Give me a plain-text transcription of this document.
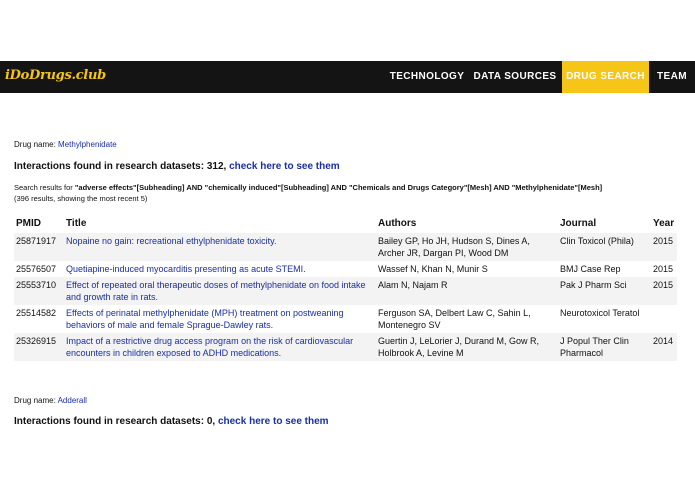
iDoDrugs.club	TECHNOLOGY DATA SOURCES DRUG SEARCH	TEAM
Drug name: Methylphenidate
Interactions found in research datasets: 312, check here to see them
Search results for "adverse effects"[Subheading] AND "chemically induced"[Subheading] AND "Chemicals and Drugs Category"[Mesh] AND "Methylphenidate"[Mesh]
(396 results, showing the most recent 5)
PMID	Title	Authors	Journal	Year
25871917	Nopaine no gain: recreational ethylphenidate toxicity.	Bailey GP, Ho JH, Hudson S, Dines A, Archer JR, Dargan PI, Wood DM	Clin Toxicol (Phila)	2015
25576507	Quetiapine-induced myocarditis presenting as acute STEMI.	Wassef N, Khan N, Munir S	BMJ Case Rep	2015
25553710	Effect of repeated oral therapeutic doses of methylphenidate on food intake and growth rate in rats.	Alam N, Najam R	Pak J Pharm Sci	2015
25514582	Effects of perinatal methylphenidate (MPH) treatment on postweaning behaviors of male and female Sprague-Dawley rats.	Ferguson SA, Delbert Law C, Sahin L, Montenegro SV	Neurotoxicol Teratol	
25326915	Impact of a restrictive drug access program on the risk of cardiovascular encounters in children exposed to ADHD medications.	Guertin J, LeLorier J, Durand M, Gow R, Holbrook A, Levine M	J Popul Ther Clin Pharmacol	2014
Drug name: Adderall
Interactions found in research datasets: 0, check here to see them
